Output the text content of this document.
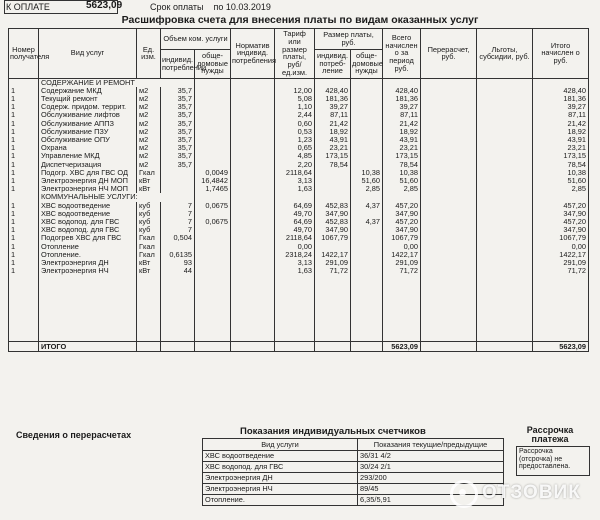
К ОПЛАТЕ	5623,09	Срок оплаты по 10.03.2019
Расшифровка счета для внесения платы по видам оказанных услуг
Номер получателя	Вид услуг	Ед. изм.	Объем ком. услуги		Норматив индивид. потребления	Тариф или размер платы, руб/ед.изм.	Размер платы, руб.		Всего начислен о за период руб.	Перерасчет, руб.	Льготы, субсидии, руб.	Итого начислен о руб.
			индивид. потреблении	обще-домовые нужды			индивид. потреб-ление	обще-домовые нужды				
	СОДЕРЖАНИЕ И РЕМОНТ											
1	Содержание МКД	м2	35,7			12,00	428,40		428,40			428,40
1	Текущий ремонт	м2	35,7			5,08	181,36		181,36			181,36
1	Содерж. придом. террит.	м2	35,7			1,10	39,27		39,27			39,27
1	Обслуживание лифтов	м2	35,7			2,44	87,11		87,11			87,11
1	Обслуживание АППЗ	м2	35,7			0,60	21,42		21,42			21,42
1	Обслуживание ПЗУ	м2	35,7			0,53	18,92		18,92			18,92
1	Обслуживание ОПУ	м2	35,7			1,23	43,91		43,91			43,91
1	Охрана	м2	35,7			0,65	23,21		23,21			23,21
1	Управление МКД	м2	35,7			4,85	173,15		173,15			173,15
1	Диспетчеризация	м2	35,7			2,20	78,54		78,54			78,54
1	Подогр. ХВС для ГВС ОД	Гкал		0,0049		2118,64		10,38	10,38			10,38
1	Электроэнергия ДН МОП	кВт		16,4842		3,13		51,60	51,60			51,60
1	Электроэнергия НЧ МОП	кВт		1,7465		1,63		2,85	2,85			2,85
	КОММУНАЛЬНЫЕ УСЛУГИ:											
1	ХВС водоотведение	куб	7	0,0675		64,69	452,83	4,37	457,20			457,20
1	ХВС водоотведение	куб	7			49,70	347,90		347,90			347,90
1	ХВС водопод. для ГВС	куб	7	0,0675		64,69	452,83	4,37	457,20			457,20
1	ХВС водопод. для ГВС	куб	7			49,70	347,90		347,90			347,90
1	Подогрев ХВС для ГВС	Гкал	0,504			2118,64	1067,79		1067,79			1067,79
1	Отопление	Гкал				0,00			0,00			0,00
1	Отопление.	Гкал	0,6135			2318,24	1422,17		1422,17			1422,17
1	Электроэнергия ДН	кВт	93			3,13	291,09		291,09			291,09
1	Электроэнергия НЧ	кВт	44			1,63	71,72		71,72			71,72

	ИТОГО								5623,09			5623,09
Сведения о перерасчетах	Показания индивидуальных счетчиков
Вид услуги	Показания текущие/предыдущие
ХВС водоотведение	36/31 4/2
ХВС водопод. для ГВС	30/24 2/1
Электроэнергия ДН	293/200
Электроэнергия НЧ	89/45
Отопление.	6,35/5,91
Рассрочка платежа
Рассрочка (отсрочка) не предоставлена.
ОТЗОВИК
